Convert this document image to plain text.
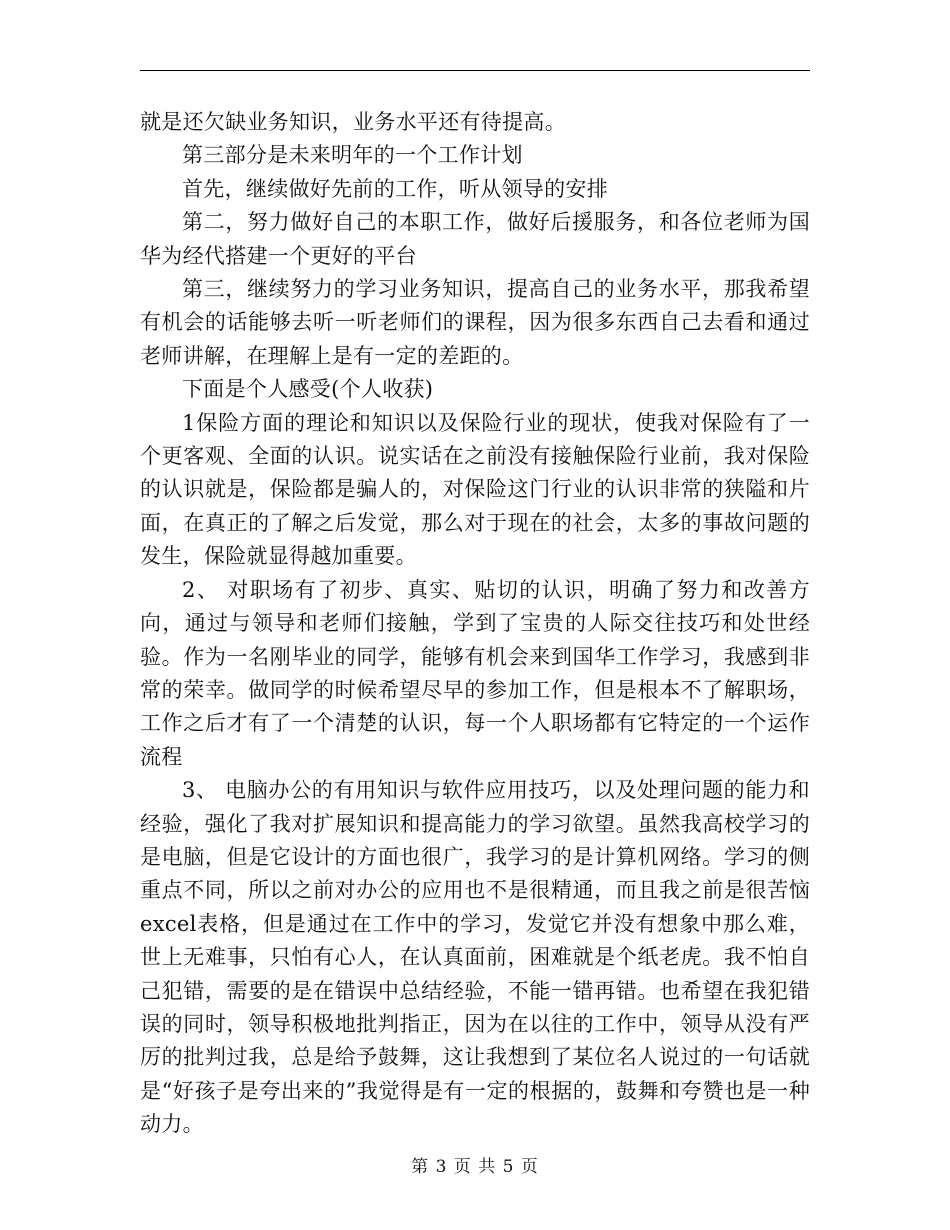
就是还欠缺业务知识，业务水平还有待提高。

第三部分是未来明年的一个工作计划

首先，继续做好先前的工作，听从领导的安排

第二，努力做好自己的本职工作，做好后援服务，和各位老师为国华为经代搭建一个更好的平台

第三，继续努力的学习业务知识，提高自己的业务水平，那我希望有机会的话能够去听一听老师们的课程，因为很多东西自己去看和通过老师讲解，在理解上是有一定的差距的。

下面是个人感受(个人收获)

1保险方面的理论和知识以及保险行业的现状，使我对保险有了一个更客观、全面的认识。说实话在之前没有接触保险行业前，我对保险的认识就是，保险都是骗人的，对保险这门行业的认识非常的狭隘和片面，在真正的了解之后发觉，那么对于现在的社会，太多的事故问题的发生，保险就显得越加重要。

2、 对职场有了初步、真实、贴切的认识，明确了努力和改善方向，通过与领导和老师们接触，学到了宝贵的人际交往技巧和处世经验。作为一名刚毕业的同学，能够有机会来到国华工作学习，我感到非常的荣幸。做同学的时候希望尽早的参加工作，但是根本不了解职场，工作之后才有了一个清楚的认识，每一个人职场都有它特定的一个运作流程

3、 电脑办公的有用知识与软件应用技巧，以及处理问题的能力和经验，强化了我对扩展知识和提高能力的学习欲望。虽然我高校学习的是电脑，但是它设计的方面也很广，我学习的是计算机网络。学习的侧重点不同，所以之前对办公的应用也不是很精通，而且我之前是很苦恼excel表格，但是通过在工作中的学习，发觉它并没有想象中那么难，世上无难事，只怕有心人，在认真面前，困难就是个纸老虎。我不怕自己犯错，需要的是在错误中总结经验，不能一错再错。也希望在我犯错误的同时，领导积极地批判指正，因为在以往的工作中，领导从没有严厉的批判过我，总是给予鼓舞，这让我想到了某位名人说过的一句话就是“好孩子是夸出来的”我觉得是有一定的根据的，鼓舞和夸赞也是一种动力。

第 3 页 共 5 页
